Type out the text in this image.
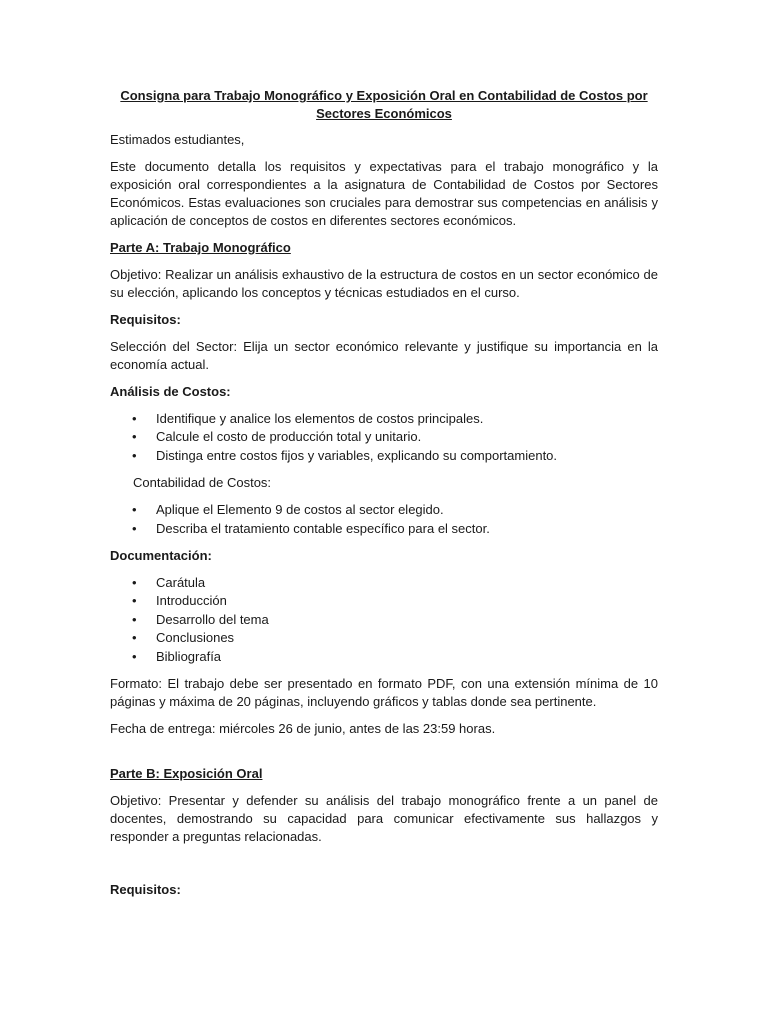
Consigna para Trabajo Monográfico y Exposición Oral en Contabilidad de Costos por Sectores Económicos

Estimados estudiantes,

Este documento detalla los requisitos y expectativas para el trabajo monográfico y la exposición oral correspondientes a la asignatura de Contabilidad de Costos por Sectores Económicos. Estas evaluaciones son cruciales para demostrar sus competencias en análisis y aplicación de conceptos de costos en diferentes sectores económicos.

Parte A: Trabajo Monográfico

Objetivo: Realizar un análisis exhaustivo de la estructura de costos en un sector económico de su elección, aplicando los conceptos y técnicas estudiados en el curso.

Requisitos:

Selección del Sector: Elija un sector económico relevante y justifique su importancia en la economía actual.

Análisis de Costos:
• Identifique y analice los elementos de costos principales.
• Calcule el costo de producción total y unitario.
• Distinga entre costos fijos y variables, explicando su comportamiento.

Contabilidad de Costos:

• Aplique el Elemento 9 de costos al sector elegido.
• Describa el tratamiento contable específico para el sector.
Documentación:
• Carátula
• Introducción
• Desarrollo del tema
• Conclusiones
• Bibliografía

Formato: El trabajo debe ser presentado en formato PDF, con una extensión mínima de 10 páginas y máxima de 20 páginas, incluyendo gráficos y tablas donde sea pertinente.

Fecha de entrega: miércoles 26 de junio, antes de las 23:59 horas.

Parte B: Exposición Oral

Objetivo: Presentar y defender su análisis del trabajo monográfico frente a un panel de docentes, demostrando su capacidad para comunicar efectivamente sus hallazgos y responder a preguntas relacionadas.

Requisitos:
